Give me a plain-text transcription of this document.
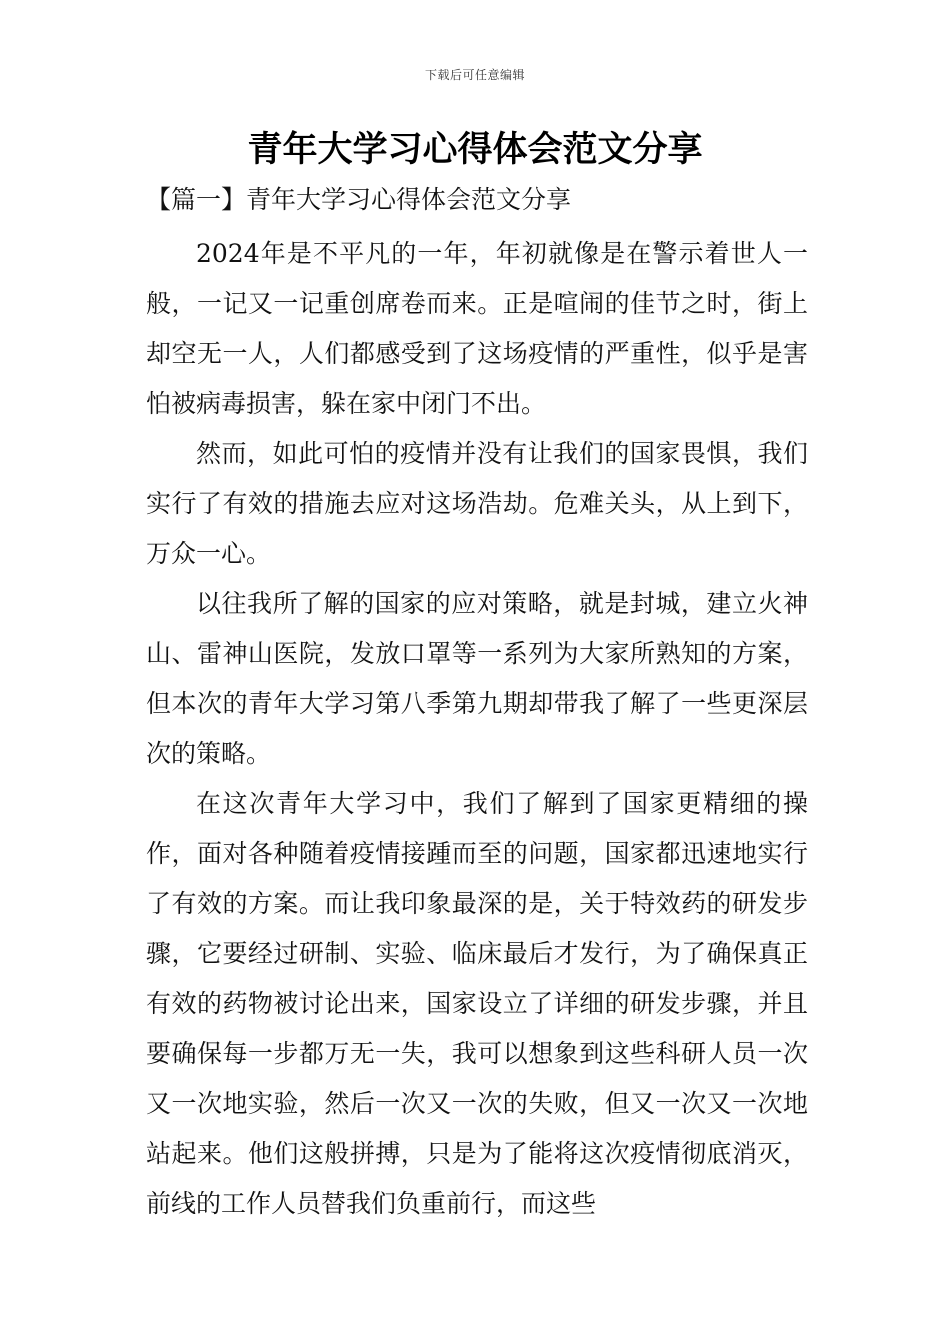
下载后可任意编辑
青年大学习心得体会范文分享
【篇一】青年大学习心得体会范文分享

2024年是不平凡的一年，年初就像是在警示着世人一般，一记又一记重创席卷而来。正是喧闹的佳节之时，街上却空无一人，人们都感受到了这场疫情的严重性，似乎是害怕被病毒损害，躲在家中闭门不出。

然而，如此可怕的疫情并没有让我们的国家畏惧，我们实行了有效的措施去应对这场浩劫。危难关头，从上到下，万众一心。

以往我所了解的国家的应对策略，就是封城，建立火神山、雷神山医院，发放口罩等一系列为大家所熟知的方案，但本次的青年大学习第八季第九期却带我了解了一些更深层次的策略。

在这次青年大学习中，我们了解到了国家更精细的操作，面对各种随着疫情接踵而至的问题，国家都迅速地实行了有效的方案。而让我印象最深的是，关于特效药的研发步骤，它要经过研制、实验、临床最后才发行，为了确保真正有效的药物被讨论出来，国家设立了详细的研发步骤，并且要确保每一步都万无一失，我可以想象到这些科研人员一次又一次地实验，然后一次又一次的失败，但又一次又一次地站起来。他们这般拼搏，只是为了能将这次疫情彻底消灭，前线的工作人员替我们负重前行，而这些
